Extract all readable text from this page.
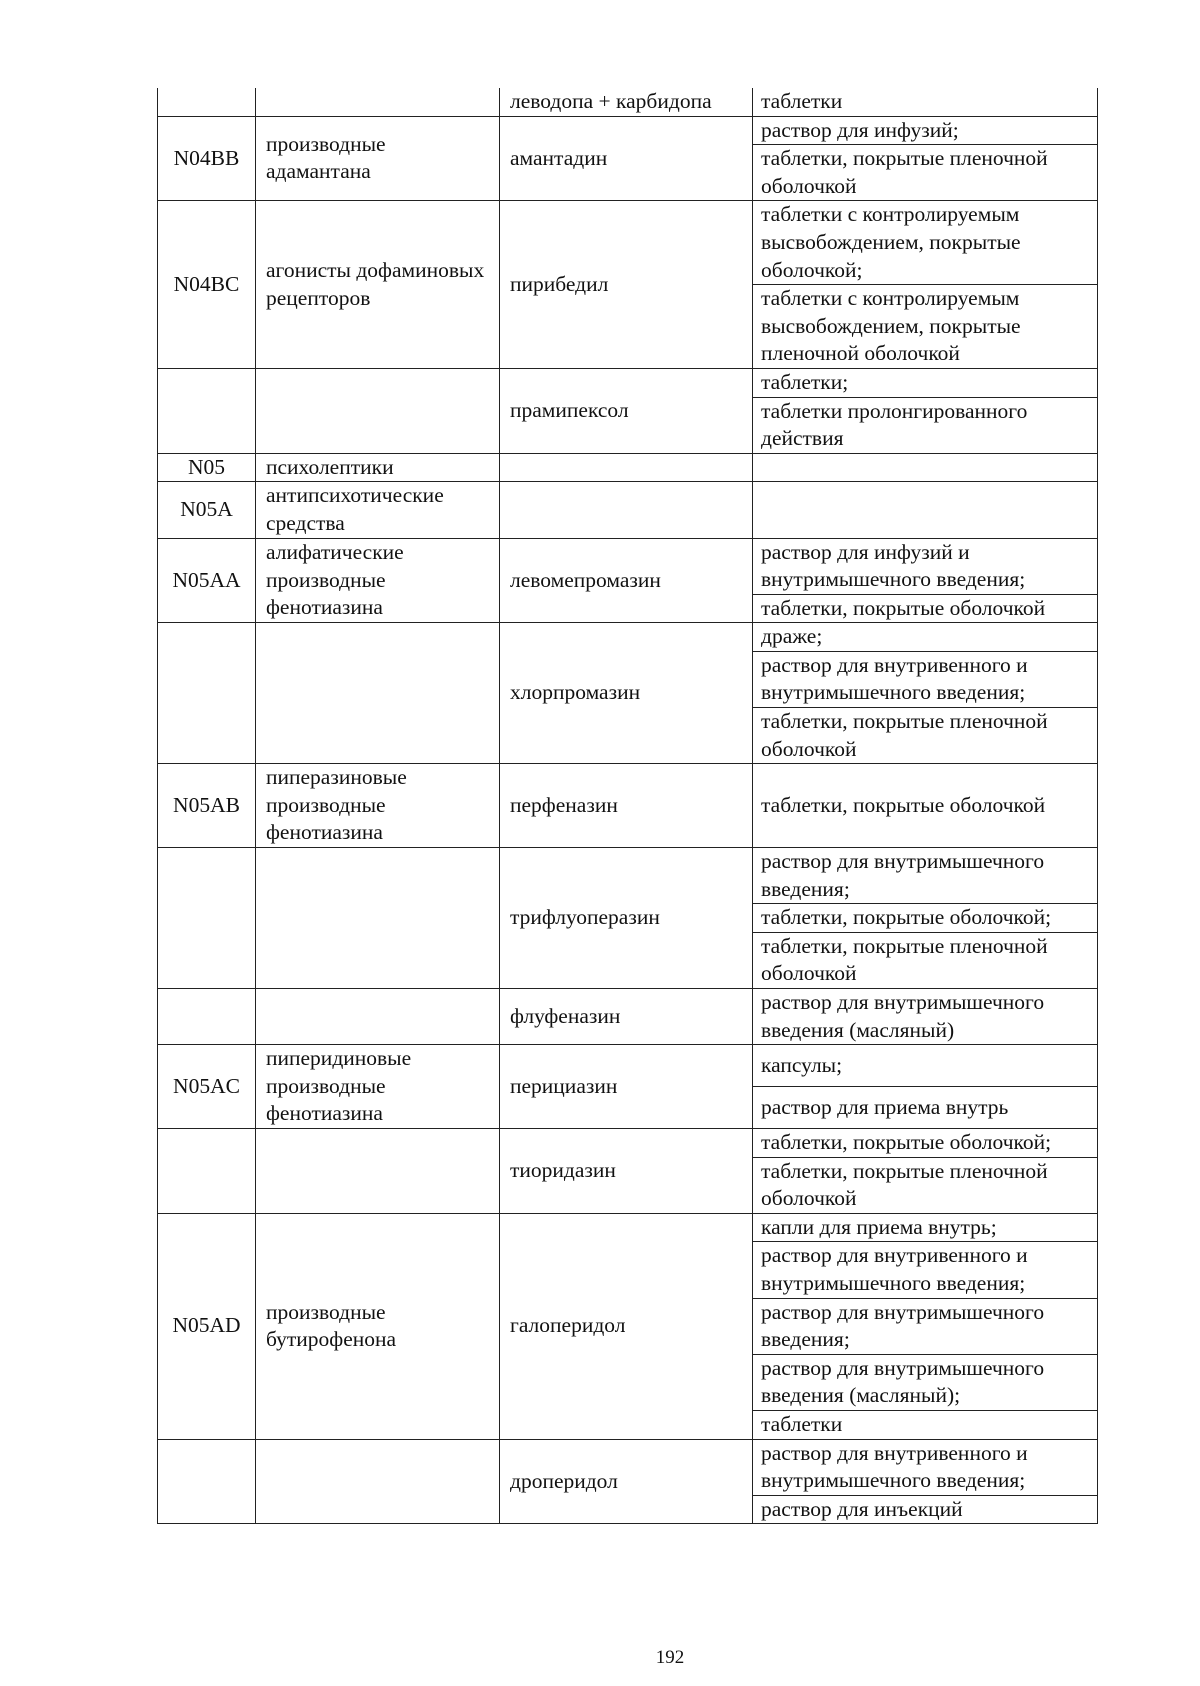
		леводопа + карбидопа	таблетки
N04BB	производные адамантана	амантадин	раствор для инфузий;
			таблетки, покрытые пленочной оболочкой
N04BC	агонисты дофаминовых рецепторов	пирибедил	таблетки с контролируемым высвобождением, покрытые оболочкой;
			таблетки с контролируемым высвобождением, покрытые пленочной оболочкой
		прамипексол	таблетки;
			таблетки пролонгированного действия
N05	психолептики		
N05A	антипсихотические средства		
N05AA	алифатические производные фенотиазина	левомепромазин	раствор для инфузий и внутримышечного введения;
			таблетки, покрытые оболочкой
		хлорпромазин	драже;
			раствор для внутривенного и внутримышечного введения;
			таблетки, покрытые пленочной оболочкой
N05AB	пиперазиновые производные фенотиазина	перфеназин	таблетки, покрытые оболочкой
		трифлуоперазин	раствор для внутримышечного введения;
			таблетки, покрытые оболочкой;
			таблетки, покрытые пленочной оболочкой
		флуфеназин	раствор для внутримышечного введения (масляный)
N05AC	пиперидиновые производные фенотиазина	перициазин	капсулы;
			раствор для приема внутрь
		тиоридазин	таблетки, покрытые оболочкой;
			таблетки, покрытые пленочной оболочкой
N05AD	производные бутирофенона	галоперидол	капли для приема внутрь;
			раствор для внутривенного и внутримышечного введения;
			раствор для внутримышечного введения;
			раствор для внутримышечного введения (масляный);
			таблетки
		дроперидол	раствор для внутривенного и внутримышечного введения;
			раствор для инъекций
192
